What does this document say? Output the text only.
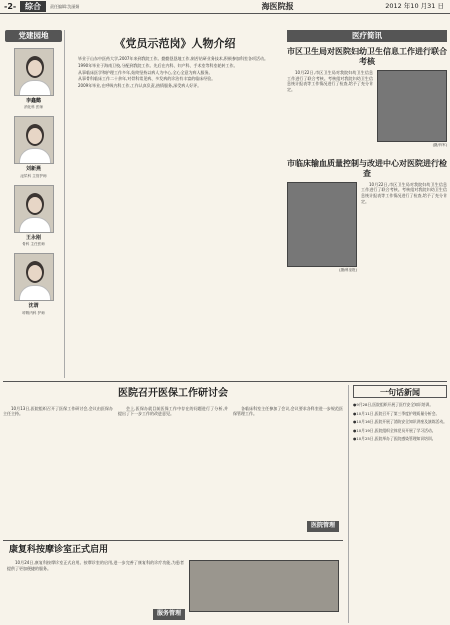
-2-	综合	责任编辑:沈丽娟	海医院报	2012 年10 月31 日
党建园地
李鑫懿
消化科 医师
刘新燕
泌尿科 主管护师
王永刚
骨科 主任医师
沈谓
呼吸内科 护师
《党员示范岗》人物介绍

毕业于山东中医药大学,2007年来到我院工作。勤勤恳恳地工作,刻苦钻研业务技术,积极参加科室各项活动。

1990年毕业于海南卫校,分配到我院工作。先后在内科、妇产科、手术室等科室轮转工作。

从事临床医学和护理工作多年,始终坚持以病人为中心,全心全意为病人服务。

从事骨科临床工作二十余年,对骨科常见病、多发病的诊治有丰富的临床经验。

2009年毕业,在呼吸内科工作,工作认真负责,热情服务,深受病人好评。

医疗简讯
市区卫生局对医院妇幼卫生信息工作进行联合考核

10月22日,市区卫生局对我院妇幼卫生信息工作进行了联合考核。考核组对我院妇幼卫生信息统计报表等工作情况进行了检查,给予了充分肯定。

(摄/肖军)
市临床输血质量控制与改进中心对医院进行检查
(摄/科室报)

10月22日,市区卫生局对我院妇幼卫生信息工作进行了联合考核。考核组对我院妇幼卫生信息统计报表等工作情况进行了检查,给予了充分肯定。

医院召开医保工作研讨会

10月13日,医院组织召开了医保工作研讨会,会议由医保办主任主持。

会上,医保办就目前医保工作中存在的问题进行了分析,并提出了下一步工作的改进意见。

各临床科室主任参加了会议,会议要求各科室进一步规范医保管理工作。

医院管理
康复科按摩诊室正式启用

10月24日,康复科按摩诊室正式启用。按摩诊室的启用,进一步完善了康复科的诊疗功能,为患者提供了更加便捷的服务。

服务管理
一句话新闻

●9月28日,医院组织开展了医疗安全知识培训。

●10月11日,医院召开了第三季度护理质量分析会。

●10月16日,医院开展了消防安全知识讲座及演练活动。

●10月19日,医院组织全体党员开展了学习活动。

●10月25日,医院举办了医院感染管理知识培训。
